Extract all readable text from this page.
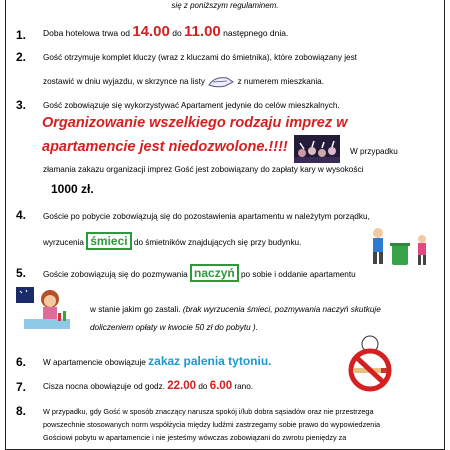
się z poniższym regulaminem.
1. Doba hotelowa trwa od 14.00 do 11.00 następnego dnia.
2. Gość otrzymuje komplet kluczy (wraz z kluczami do śmietnika), które zobowiązany jest
zostawić w dniu wyjazdu, w skrzynce na listy	z numerem mieszkania.
3. Gość zobowiązuje się wykorzystywać Apartament jedynie do celów mieszkalnych.
Organizowanie wszelkiego rodzaju imprez w
apartamencie jest niedozwolone.!!!!	W przypadku
złamania zakazu organizacji imprez Gość jest zobowiązany do zapłaty kary w wysokości
1000 zł.
4. Goście po pobycie zobowiązują się do pozostawienia apartamentu w należytym porządku,
wyrzucenia śmieci do śmietników znajdujących się przy budynku.
5. Goście zobowiązują się do pozmywania naczyń po sobie i oddanie apartamentu
w stanie jakim go zastali. (brak wyrzucenia śmieci, pozmywania naczyń skutkuje
doliczeniem opłaty w kwocie 50 zł do pobytu ).
6. W apartamencie obowiązuje zakaz palenia tytoniu.
7. Cisza nocna obowiązuje od godz. 22.00 do 6.00 rano.
8. W przypadku, gdy Gość w sposób znaczący narusza spokój i/lub dobra sąsiadów oraz nie przestrzega
powszechnie stosowanych norm współżycia między ludźmi zastrzegamy sobie prawo do wypowiedzenia
Gościowi pobytu w apartamencie i nie jesteśmy wówczas zobowiązani do zwrotu pieniędzy za
